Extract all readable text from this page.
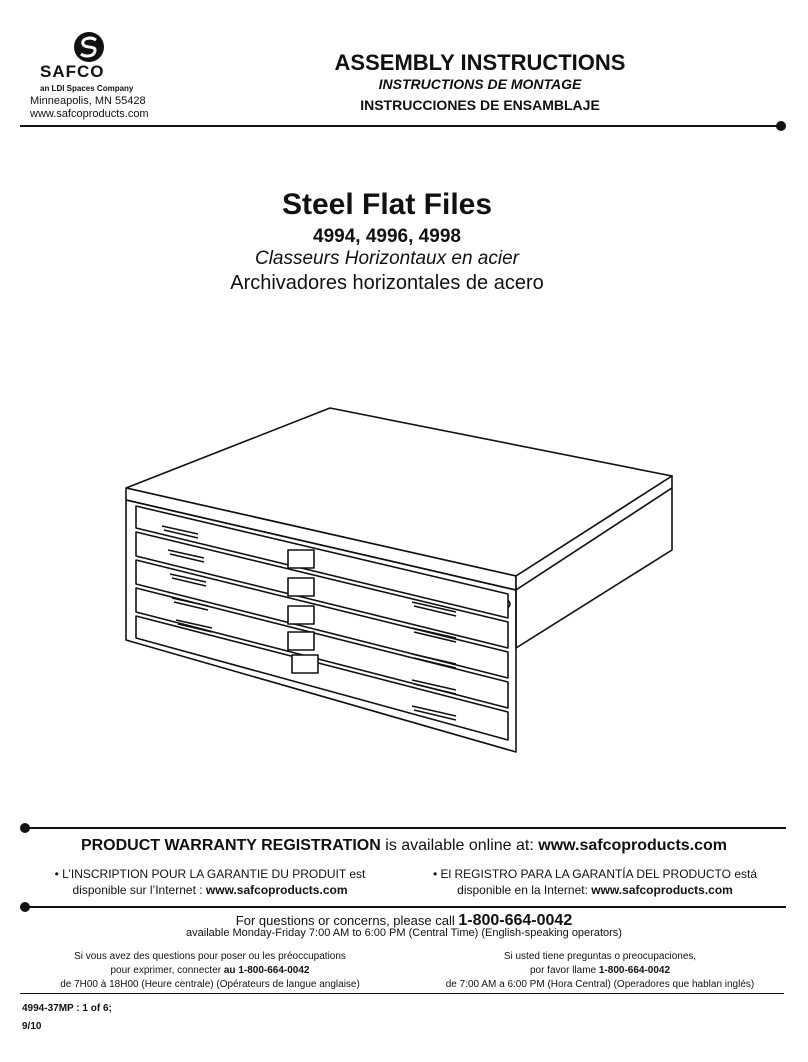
SAFCO
an LDI Spaces Company
Minneapolis, MN 55428
www.safcoproducts.com
ASSEMBLY INSTRUCTIONS
INSTRUCTIONS DE MONTAGE
INSTRUCCIONES DE ENSAMBLAJE
Steel Flat Files
4994, 4996, 4998
Classeurs Horizontaux en acier
Archivadores horizontales de acero
PRODUCT WARRANTY REGISTRATION is available online at: www.safcoproducts.com
• L’INSCRIPTION POUR LA GARANTIE DU PRODUIT est
disponible sur l’Internet : www.safcoproducts.com
• El REGISTRO PARA LA GARANTÍA DEL PRODUCTO está
disponible en la Internet: www.safcoproducts.com
For questions or concerns, please call 1-800-664-0042
available Monday-Friday 7:00 AM to 6:00 PM (Central Time) (English-speaking operators)
Si vous avez des questions pour poser ou les préoccupations
pour exprimer, connecter au 1-800-664-0042
de 7H00 à 18H00 (Heure centrale) (Opérateurs de langue anglaise)
Si usted tiene preguntas o preocupaciones,
por favor llame 1-800-664-0042
de 7:00 AM a 6:00 PM (Hora Central) (Operadores que hablan inglés)
4994-37MP : 1 of 6;
9/10
